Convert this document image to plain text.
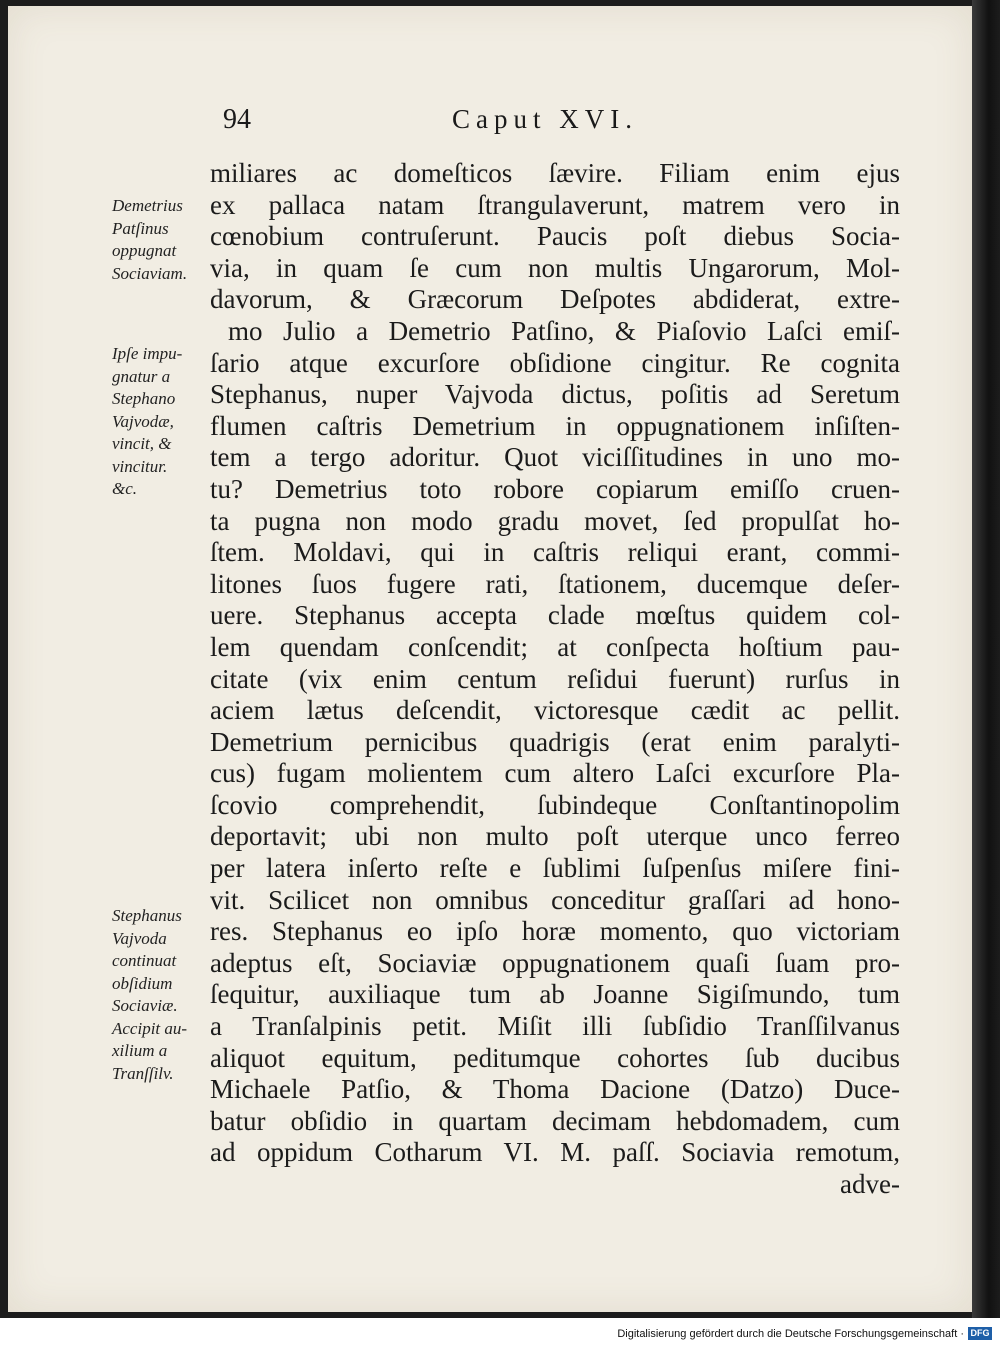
94	Caput XVI.
Demetrius
Patſinus
oppugnat
Sociaviam.
Ipſe impu-
gnatur a
Stephano
Vajvodæ,
vincit, &
vincitur.
&c.
Stephanus
Vajvoda
continuat
obſidium
Sociaviæ.
Accipit au-
xilium a
Tranſſilv.
miliares ac domeſticos ſævire. Filiam enim ejus
ex pallaca natam ſtrangulaverunt, matrem vero in
cœnobium contruſerunt. Paucis poſt diebus Socia-
via, in quam ſe cum non multis Ungarorum, Mol-
davorum, & Græcorum Deſpotes abdiderat, extre-
mo Julio a Demetrio Patſino, & Piaſovio Laſci emiſ-
ſario atque excurſore obſidione cingitur. Re cognita
Stephanus, nuper Vajvoda dictus, poſitis ad Seretum
flumen caſtris Demetrium in oppugnationem inſiſten-
tem a tergo adoritur. Quot viciſſitudines in uno mo-
tu? Demetrius toto robore copiarum emiſſo cruen-
ta pugna non modo gradu movet, ſed propulſat ho-
ſtem. Moldavi, qui in caſtris reliqui erant, commi-
litones ſuos fugere rati, ſtationem, ducemque deſer-
uere. Stephanus accepta clade mœſtus quidem col-
lem quendam conſcendit; at conſpecta hoſtium pau-
citate (vix enim centum reſidui fuerunt) rurſus in
aciem lætus deſcendit, victoresque cædit ac pellit.
Demetrium pernicibus quadrigis (erat enim paralyti-
cus) fugam molientem cum altero Laſci excurſore Pla-
ſcovio comprehendit, ſubindeque Conſtantinopolim
deportavit; ubi non multo poſt uterque unco ferreo
per latera inſerto reſte e ſublimi ſuſpenſus miſere fini-
vit. Scilicet non omnibus conceditur graſſari ad hono-
res. Stephanus eo ipſo horæ momento, quo victoriam
adeptus eſt, Sociaviæ oppugnationem quaſi ſuam pro-
ſequitur, auxiliaque tum ab Joanne Sigiſmundo, tum
a Tranſalpinis petit. Miſit illi ſubſidio Tranſſilvanus
aliquot equitum, peditumque cohortes ſub ducibus
Michaele Patſio, & Thoma Dacione (Datzo) Duce-
batur obſidio in quartam decimam hebdomadem, cum
ad oppidum Cotharum VI. M. paſſ. Sociavia remotum,
adve-
Digitalisierung gefördert durch die Deutsche Forschungsgemeinschaft · DFG
